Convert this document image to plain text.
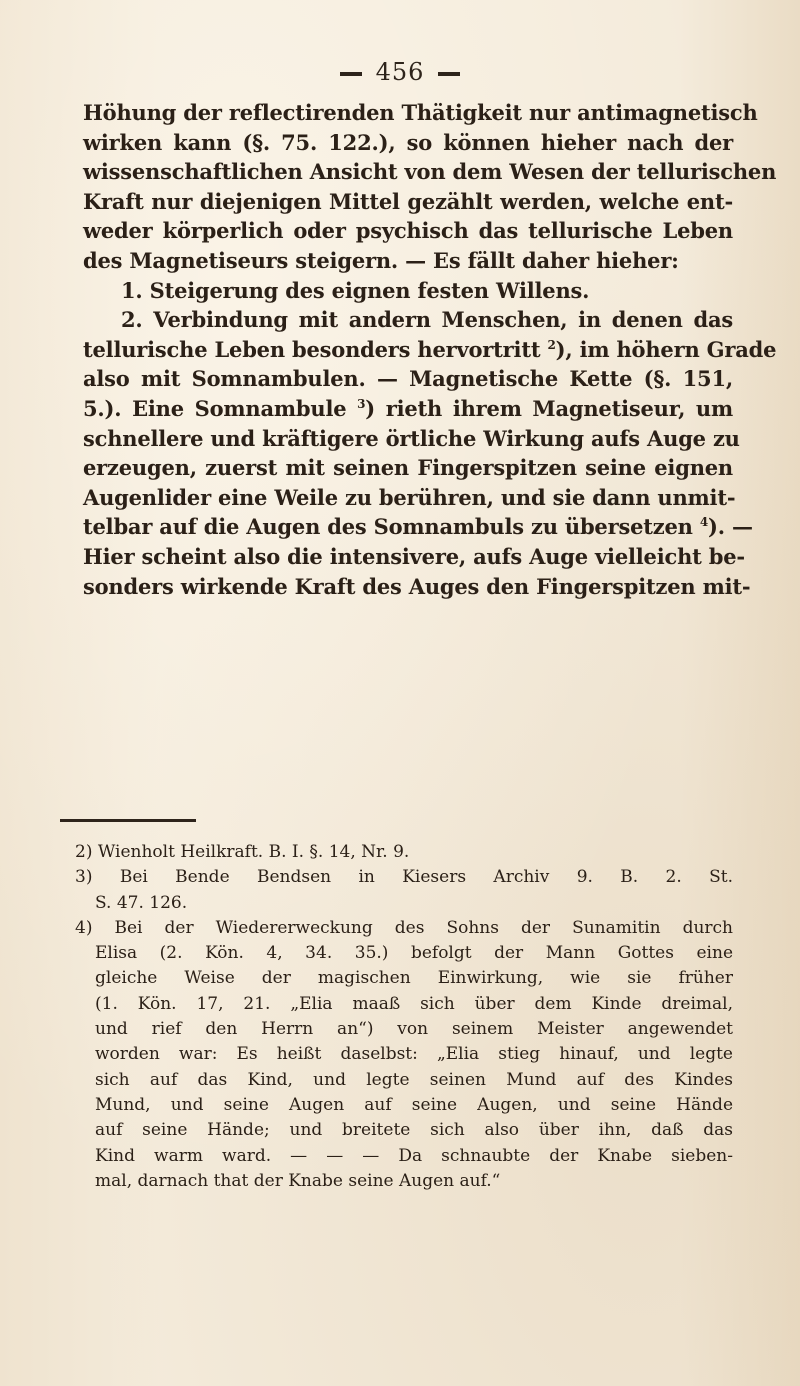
456
Höhung der reflectirenden Thätigkeit nur antimagnetisch
wirken kann (§. 75. 122.), so können hieher nach der
wissenschaftlichen Ansicht von dem Wesen der tellurischen
Kraft nur diejenigen Mittel gezählt werden, welche ent-
weder körperlich oder psychisch das tellurische Leben
des Magnetiseurs steigern. — Es fällt daher hieher:
1. Steigerung des eignen festen Willens.
2. Verbindung mit andern Menschen, in denen das
tellurische Leben besonders hervortritt $^2$), im höhern Grade
also mit Somnambulen. — Magnetische Kette (§. 151,
5.). Eine Somnambule $^3$) rieth ihrem Magnetiseur, um
schnellere und kräftigere örtliche Wirkung aufs Auge zu
erzeugen, zuerst mit seinen Fingerspitzen seine eignen
Augenlider eine Weile zu berühren, und sie dann unmit-
telbar auf die Augen des Somnambuls zu übersetzen $^4$). —
Hier scheint also die intensivere, aufs Auge vielleicht be-
sonders wirkende Kraft des Auges den Fingerspitzen mit-
2) Wienholt Heilkraft. B. I. §. 14, Nr. 9.
3) Bei Bende Bendsen in Kiesers Archiv 9. B. 2. St.
S. 47. 126.
4) Bei der Wiedererweckung des Sohns der Sunamitin durch
Elisa (2. Kön. 4, 34. 35.) befolgt der Mann Gottes eine
gleiche Weise der magischen Einwirkung, wie sie früher
(1. Kön. 17, 21. „Elia maaß sich über dem Kinde dreimal,
und rief den Herrn an“) von seinem Meister angewendet
worden war: Es heißt daselbst: „Elia stieg hinauf, und legte
sich auf das Kind, und legte seinen Mund auf des Kindes
Mund, und seine Augen auf seine Augen, und seine Hände
auf seine Hände; und breitete sich also über ihn, daß das
Kind warm ward. — — — Da schnaubte der Knabe sieben-
mal, darnach that der Knabe seine Augen auf.“
